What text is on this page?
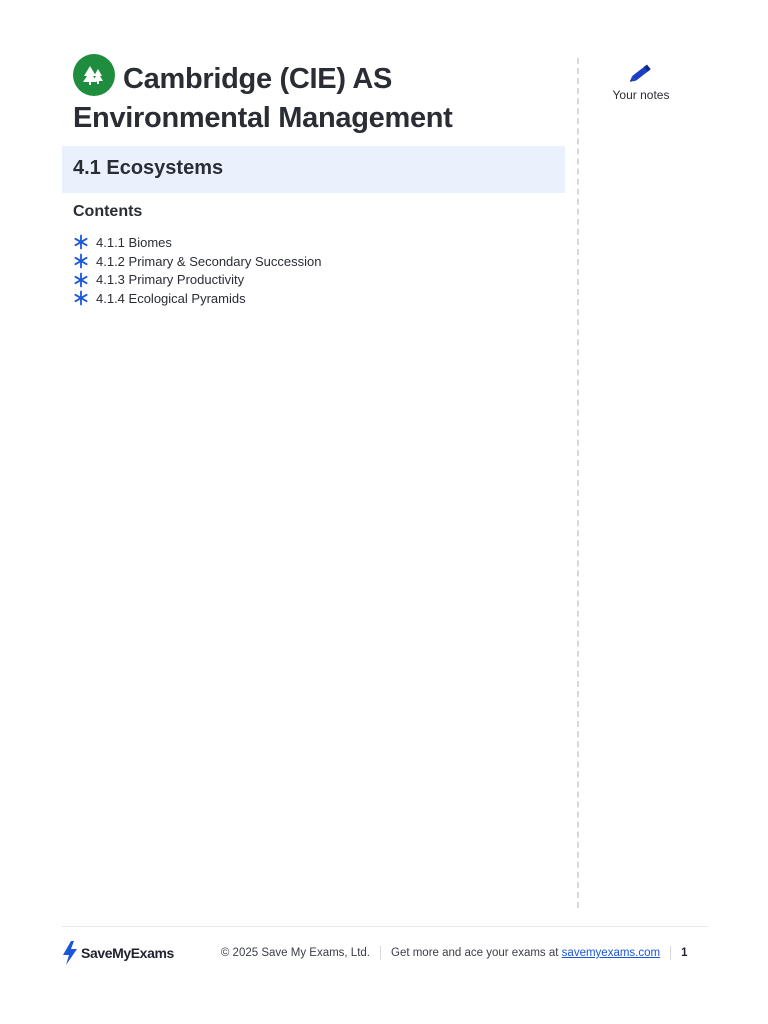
Cambridge (CIE) AS
Environmental Management
4.1 Ecosystems
Contents
4.1.1 Biomes
4.1.2 Primary & Secondary Succession
4.1.3 Primary Productivity
4.1.4 Ecological Pyramids
Your notes
SaveMyExams	© 2025 Save My Exams, Ltd. Get more and ace your exams at savemyexams.com 1
